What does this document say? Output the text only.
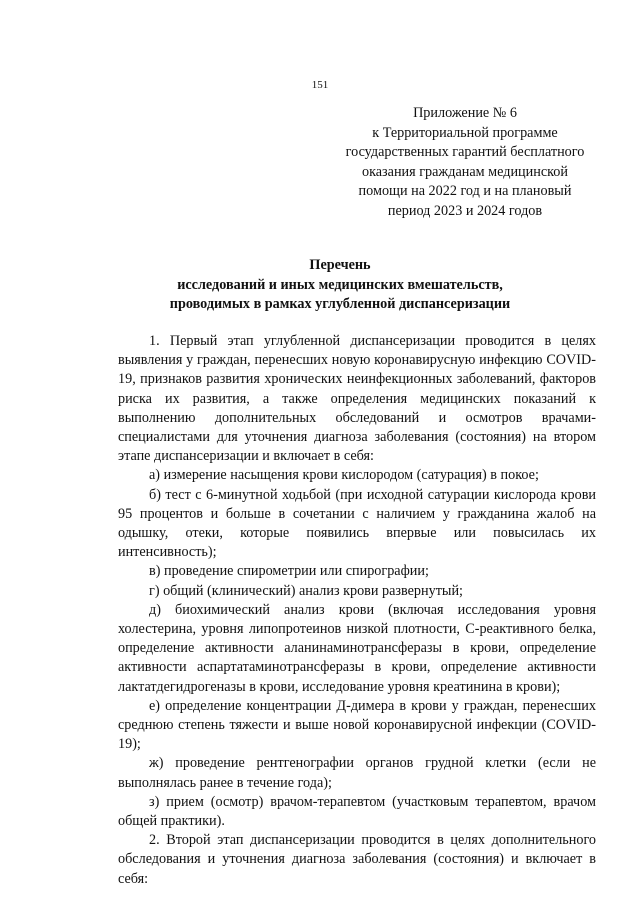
151
Приложение № 6
к Территориальной программе
государственных гарантий бесплатного
оказания гражданам медицинской
помощи на 2022 год и на плановый
период 2023 и 2024 годов
Перечень
исследований и иных медицинских вмешательств,
проводимых в рамках углубленной диспансеризации

1. Первый этап углубленной диспансеризации проводится в целях выявления у граждан, перенесших новую коронавирусную инфекцию COVID-19, признаков развития хронических неинфекционных заболеваний, факторов риска их развития, а также определения медицинских показаний к выполнению дополнительных обследований и осмотров врачами-специалистами для уточнения диагноза заболевания (состояния) на втором этапе диспансеризации и включает в себя:

а) измерение насыщения крови кислородом (сатурация) в покое;

б) тест с 6-минутной ходьбой (при исходной сатурации кислорода крови 95 процентов и больше в сочетании с наличием у гражданина жалоб на одышку, отеки, которые появились впервые или повысилась их интенсивность);

в) проведение спирометрии или спирографии;

г) общий (клинический) анализ крови развернутый;

д) биохимический анализ крови (включая исследования уровня холестерина, уровня липопротеинов низкой плотности, С-реактивного белка, определение активности аланинаминотрансферазы в крови, определение активности аспартатаминотрансферазы в крови, определение активности лактатдегидрогеназы в крови, исследование уровня креатинина в крови);

е) определение концентрации Д-димера в крови у граждан, перенесших среднюю степень тяжести и выше новой коронавирусной инфекции (COVID-19);

ж) проведение рентгенографии органов грудной клетки (если не выполнялась ранее в течение года);

з) прием (осмотр) врачом-терапевтом (участковым терапевтом, врачом общей практики).

2. Второй этап диспансеризации проводится в целях дополнительного обследования и уточнения диагноза заболевания (состояния) и включает в себя:
